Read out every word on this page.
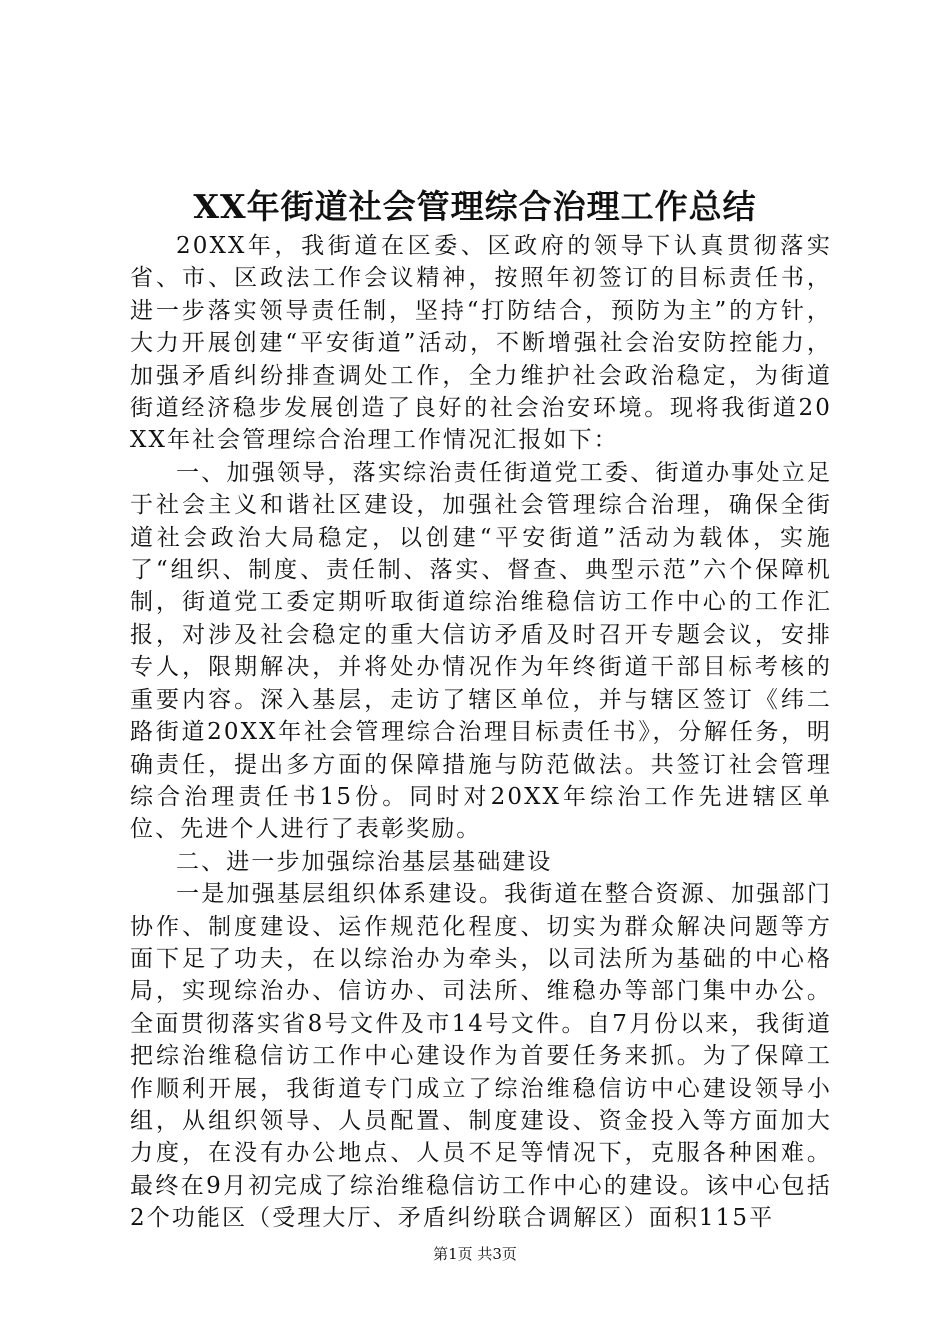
XX年街道社会管理综合治理工作总结

20XX年，我街道在区委、区政府的领导下认真贯彻落实省、市、区政法工作会议精神，按照年初签订的目标责任书，进一步落实领导责任制，坚持“打防结合，预防为主”的方针，大力开展创建“平安街道”活动，不断增强社会治安防控能力，加强矛盾纠纷排查调处工作，全力维护社会政治稳定，为街道街道经济稳步发展创造了良好的社会治安环境。现将我街道20XX年社会管理综合治理工作情况汇报如下：

一、加强领导，落实综治责任街道党工委、街道办事处立足于社会主义和谐社区建设，加强社会管理综合治理，确保全街道社会政治大局稳定，以创建“平安街道”活动为载体，实施了“组织、制度、责任制、落实、督查、典型示范”六个保障机制，街道党工委定期听取街道综治维稳信访工作中心的工作汇报，对涉及社会稳定的重大信访矛盾及时召开专题会议，安排专人，限期解决，并将处办情况作为年终街道干部目标考核的重要内容。深入基层，走访了辖区单位，并与辖区签订《纬二路街道20XX年社会管理综合治理目标责任书》，分解任务，明确责任，提出多方面的保障措施与防范做法。共签订社会管理综合治理责任书15份。同时对20XX年综治工作先进辖区单位、先进个人进行了表彰奖励。

二、进一步加强综治基层基础建设

一是加强基层组织体系建设。我街道在整合资源、加强部门协作、制度建设、运作规范化程度、切实为群众解决问题等方面下足了功夫，在以综治办为牵头，以司法所为基础的中心格局，实现综治办、信访办、司法所、维稳办等部门集中办公。全面贯彻落实省8号文件及市14号文件。自7月份以来，我街道把综治维稳信访工作中心建设作为首要任务来抓。为了保障工作顺利开展，我街道专门成立了综治维稳信访中心建设领导小组，从组织领导、人员配置、制度建设、资金投入等方面加大力度，在没有办公地点、人员不足等情况下，克服各种困难。最终在9月初完成了综治维稳信访工作中心的建设。该中心包括2个功能区（受理大厅、矛盾纠纷联合调解区）面积115平

第1页 共3页
